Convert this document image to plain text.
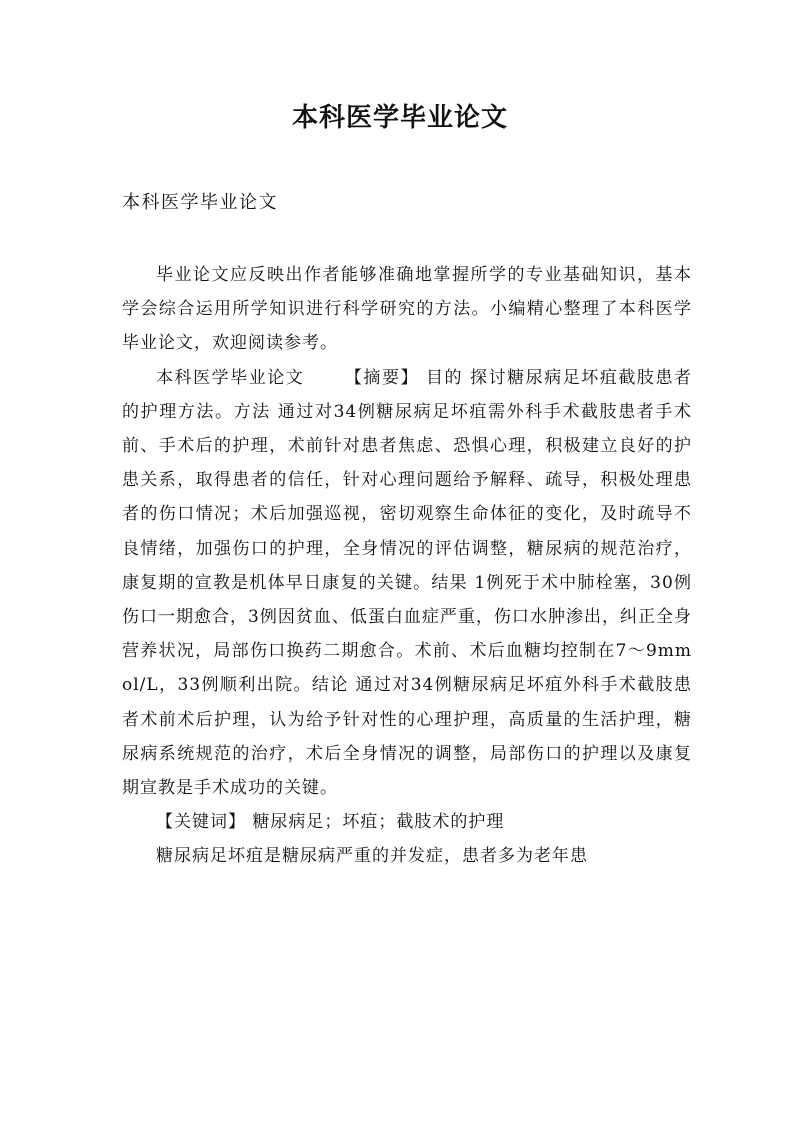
本科医学毕业论文

本科医学毕业论文

毕业论文应反映出作者能够准确地掌握所学的专业基础知识，基本学会综合运用所学知识进行科学研究的方法。小编精心整理了本科医学毕业论文，欢迎阅读参考。

本科医学毕业论文 【摘要】 目的 探讨糖尿病足坏疽截肢患者的护理方法。方法 通过对34例糖尿病足坏疽需外科手术截肢患者手术前、手术后的护理，术前针对患者焦虑、恐惧心理，积极建立良好的护患关系，取得患者的信任，针对心理问题给予解释、疏导，积极处理患者的伤口情况；术后加强巡视，密切观察生命体征的变化，及时疏导不良情绪，加强伤口的护理，全身情况的评估调整，糖尿病的规范治疗，康复期的宣教是机体早日康复的关键。结果 1例死于术中肺栓塞，30例伤口一期愈合，3例因贫血、低蛋白血症严重，伤口水肿渗出，纠正全身营养状况，局部伤口换药二期愈合。术前、术后血糖均控制在7～9mmol/L，33例顺利出院。结论 通过对34例糖尿病足坏疽外科手术截肢患者术前术后护理，认为给予针对性的心理护理，高质量的生活护理，糖尿病系统规范的治疗，术后全身情况的调整，局部伤口的护理以及康复期宣教是手术成功的关键。

【关键词】 糖尿病足；坏疽；截肢术的护理

糖尿病足坏疽是糖尿病严重的并发症，患者多为老年患
